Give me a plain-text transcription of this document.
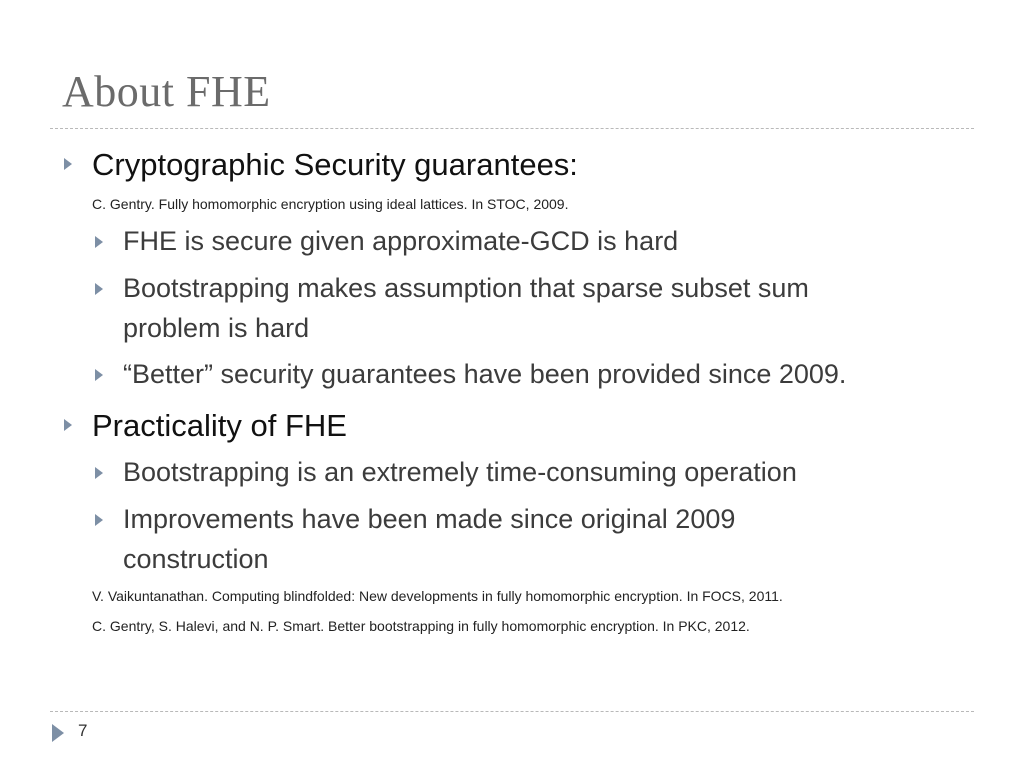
About FHE
Cryptographic Security guarantees:
C. Gentry. Fully homomorphic encryption using ideal lattices. In STOC, 2009.
FHE is secure given approximate-GCD is hard
Bootstrapping makes assumption that sparse subset sum problem is hard
“Better” security guarantees have been provided since 2009.
Practicality of FHE
Bootstrapping is an extremely time-consuming operation
Improvements have been made since original 2009 construction
V. Vaikuntanathan. Computing blindfolded: New developments in fully homomorphic encryption. In FOCS, 2011.
C. Gentry, S. Halevi, and N. P. Smart. Better bootstrapping in fully homomorphic encryption. In PKC, 2012.
7
